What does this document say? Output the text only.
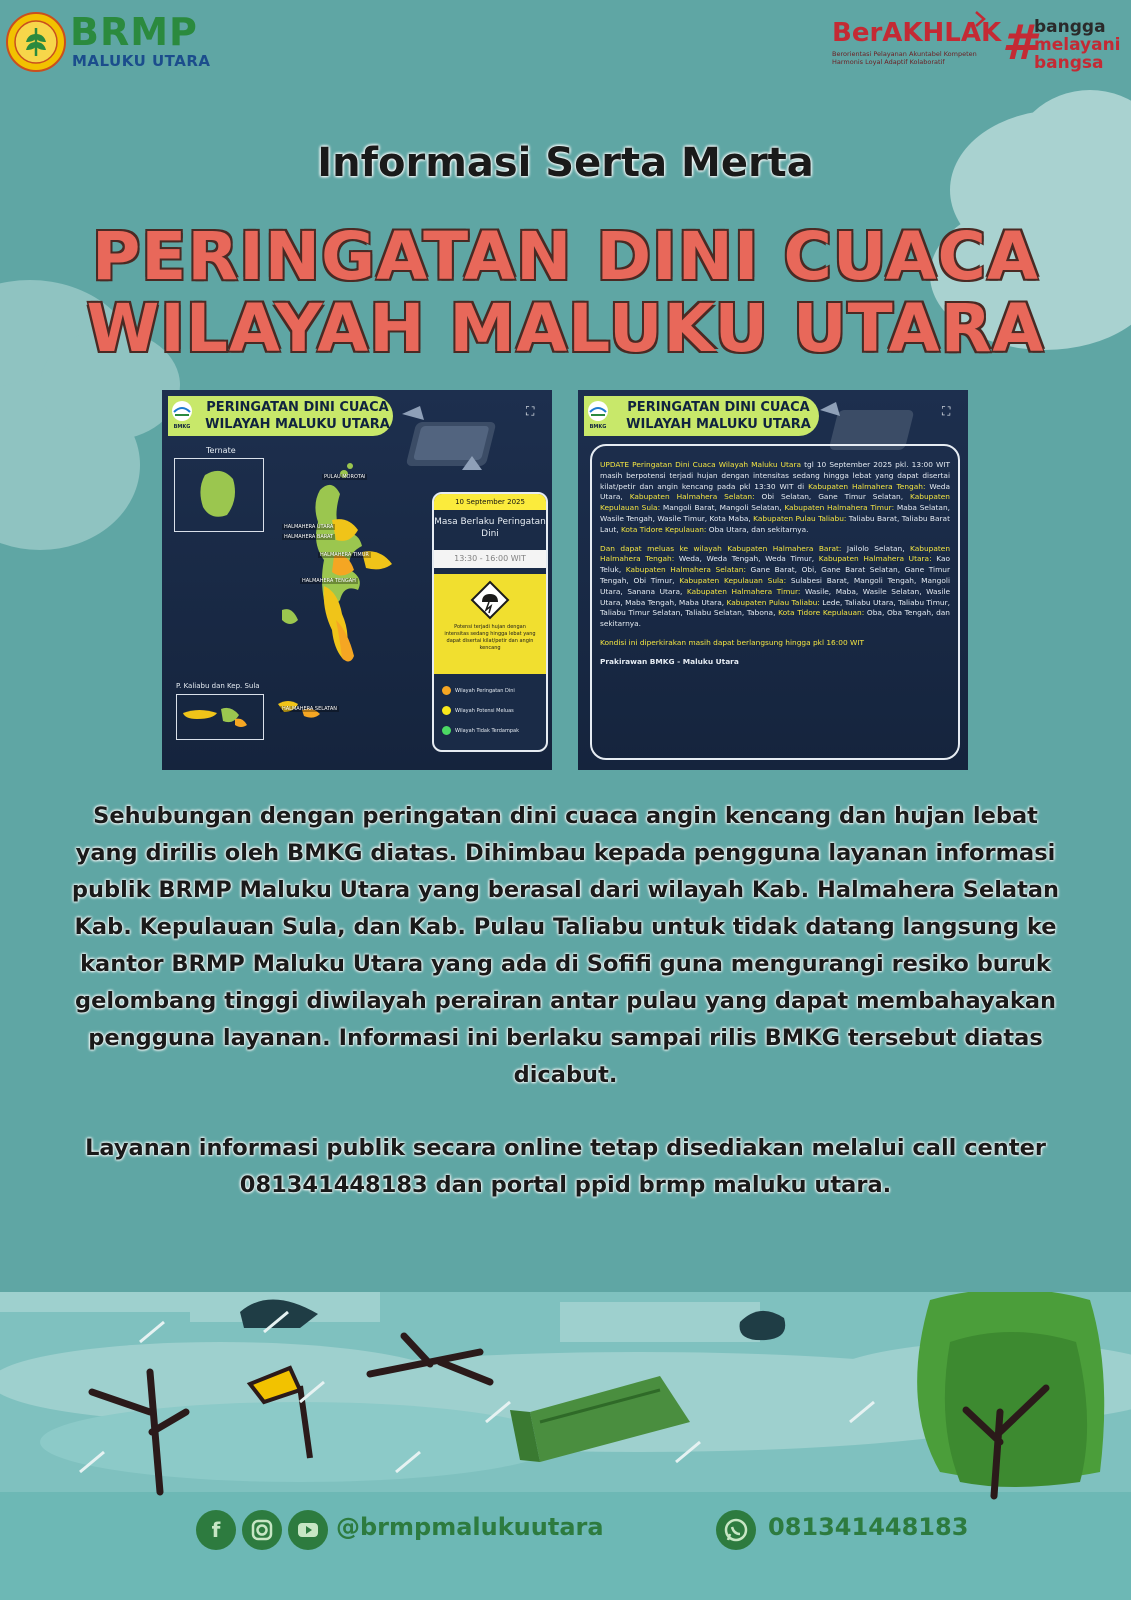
BRMP
MALUKU UTARA
BerAKHLAK
Berorientasi Pelayanan Akuntabel Kompeten
Harmonis Loyal Adaptif Kolaboratif	#
bangga
melayani
bangsa
Informasi Serta Merta
PERINGATAN DINI CUACA
WILAYAH MALUKU UTARA
PERINGATAN DINI CUACA
WILAYAH MALUKU UTARA
BMKG
⛶
Ternate
PULAU MOROTAI
HALMAHERA UTARA
HALMAHERA BARAT
HALMAHERA TIMUR
HALMAHERA TENGAH
P. Kaliabu dan Kep. Sula
HALMAHERA SELATAN
10 September 2025
Masa Berlaku Peringatan Dini
13:30 - 16:00 WIT
Potensi terjadi hujan dengan intensitas sedang hingga lebat yang dapat disertai kilat/petir dan angin kencang
Wilayah Peringatan Dini
Wilayah Potensi Meluas
Wilayah Tidak Terdampak
PERINGATAN DINI CUACA
WILAYAH MALUKU UTARA
BMKG
⛶

UPDATE Peringatan Dini Cuaca Wilayah Maluku Utara tgl 10 September 2025 pkl. 13:00 WIT masih berpotensi terjadi hujan dengan intensitas sedang hingga lebat yang dapat disertai kilat/petir dan angin kencang pada pkl 13:30 WIT di Kabupaten Halmahera Tengah: Weda Utara, Kabupaten Halmahera Selatan: Obi Selatan, Gane Timur Selatan, Kabupaten Kepulauan Sula: Mangoli Barat, Mangoli Selatan, Kabupaten Halmahera Timur: Maba Selatan, Wasile Tengah, Wasile Timur, Kota Maba, Kabupaten Pulau Taliabu: Taliabu Barat, Taliabu Barat Laut, Kota Tidore Kepulauan: Oba Utara, dan sekitarnya.

Dan dapat meluas ke wilayah Kabupaten Halmahera Barat: Jailolo Selatan, Kabupaten Halmahera Tengah: Weda, Weda Tengah, Weda Timur, Kabupaten Halmahera Utara: Kao Teluk, Kabupaten Halmahera Selatan: Gane Barat, Obi, Gane Barat Selatan, Gane Timur Tengah, Obi Timur, Kabupaten Kepulauan Sula: Sulabesi Barat, Mangoli Tengah, Mangoli Utara, Sanana Utara, Kabupaten Halmahera Timur: Wasile, Maba, Wasile Selatan, Wasile Utara, Maba Tengah, Maba Utara, Kabupaten Pulau Taliabu: Lede, Taliabu Utara, Taliabu Timur, Taliabu Timur Selatan, Taliabu Selatan, Tabona, Kota Tidore Kepulauan: Oba, Oba Tengah, dan sekitarnya.

Kondisi ini diperkirakan masih dapat berlangsung hingga pkl 16:00 WIT

Prakirawan BMKG - Maluku Utara

Sehubungan dengan peringatan dini cuaca angin kencang dan hujan lebat yang dirilis oleh BMKG diatas. Dihimbau kepada pengguna layanan informasi publik BRMP Maluku Utara yang berasal dari wilayah Kab. Halmahera Selatan Kab. Kepulauan Sula, dan Kab. Pulau Taliabu untuk tidak datang langsung ke kantor BRMP Maluku Utara yang ada di Sofifi guna mengurangi resiko buruk gelombang tinggi diwilayah perairan antar pulau yang dapat membahayakan pengguna layanan. Informasi ini berlaku sampai rilis BMKG tersebut diatas dicabut.
Layanan informasi publik secara online tetap disediakan melalui call center 081341448183 dan portal ppid brmp maluku utara.
f	@brmpmalukuutara	081341448183
